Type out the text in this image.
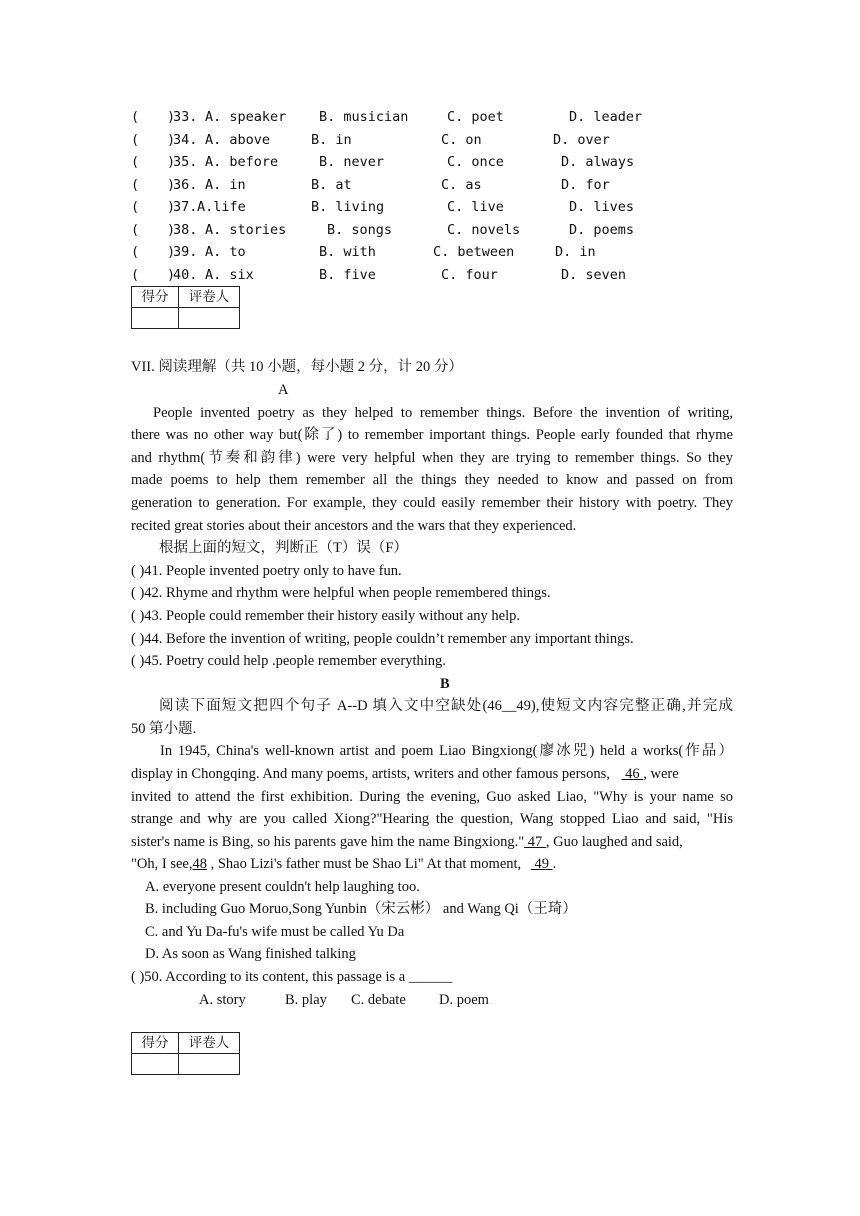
( )
33. A. speaker B. musician	C. poet	D. leader
( )
34. A. above	B. in	C. on	D. over
( )
35. A. before	B. never	C. once	D. always
( )
36. A. in	B. at	C. as	D. for
( )
37. A.life	B. living	C. live	D. lives
( )
38. A. stories	B. songs	C. novels	D. poems
( )
39. A. to	B. with	C. between	D. in
( )
40. A. six	B. five	C. four	D. seven
得分	评卷人

VII. 阅读理解（共 10 小题，每小题 2 分，计 20 分）
A
People invented poetry as they helped to remember things. Before the invention of writing,
there was no other way but(除了) to remember important things. People early founded that rhyme
and rhythm(节奏和韵律) were very helpful when they are trying to remember things. So they
made poems to help them remember all the things they needed to know and passed on from
generation to generation. For example, they could easily remember their history with poetry. They
recited great stories about their ancestors and the wars that they experienced.
根据上面的短文，判断正（T）误（F）
( )41. People invented poetry only to have fun.
( )42. Rhyme and rhythm were helpful when people remembered things.
( )43. People could remember their history easily without any help.
( )44. Before the invention of writing, people couldn’t remember any important things.
( )45. Poetry could help .people remember everything.
B
阅读下面短文把四个句子 A--D 填入文中空缺处(46__49),使短文内容完整正确,并完成
50 第小题.
In 1945, China's well-known artist and poem Liao Bingxiong(廖冰兕) held a works(作品）
display in Chongqing. And many poems, artists, writers and other famous persons,  46 , were
invited to attend the first exhibition. During the evening, Guo asked Liao, "Why is your name so
strange and why are you called Xiong?"Hearing the question, Wang stopped Liao and said, "His
sister's name is Bing, so his parents gave him the name Bingxiong." 47 , Guo laughed and said,
"Oh, I see,48 , Shao Lizi's father must be Shao Li" At that moment,  49 .
A. everyone present couldn't help laughing too.
B. including Guo Moruo,Song Yunbin（宋云彬） and Wang Qi（王琦）
C. and Yu Da-fu's wife must be called Yu Da
D. As soon as Wang finished talking
( )50. According to its content, this passage is a ______
A. story	B. play C. debate D. poem
得分	评卷人
